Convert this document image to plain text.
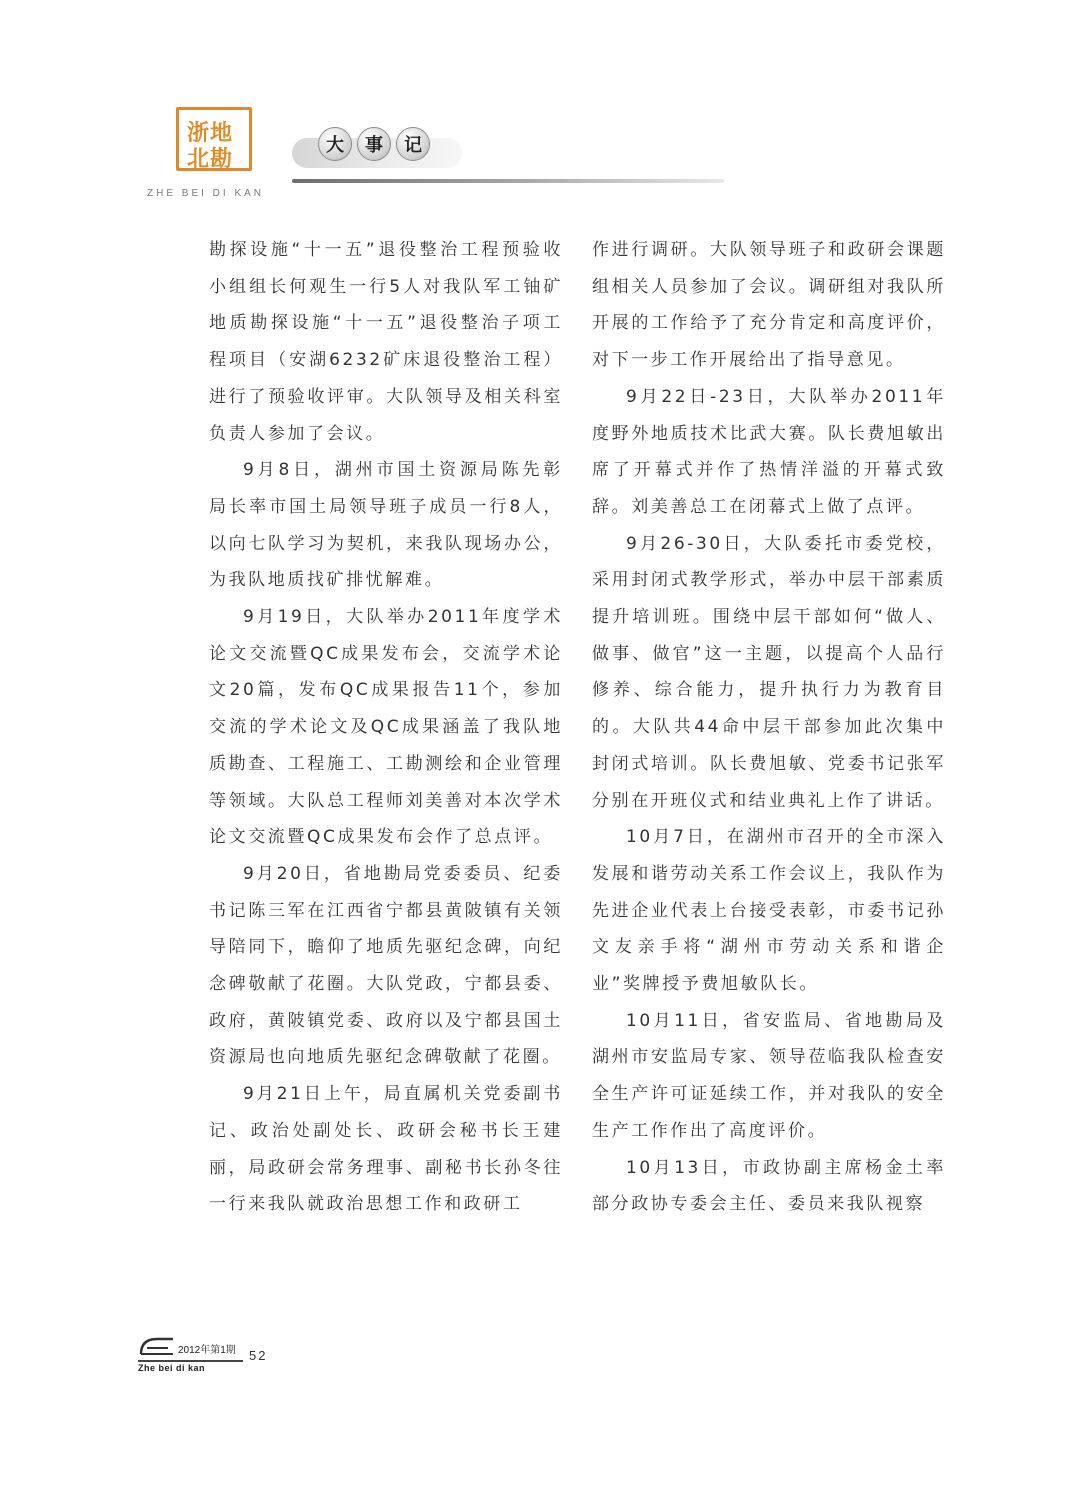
浙地
北勘
ZHE BEI DI KAN
大	事	记

勘探设施“十一五”退役整治工程预验收小组组长何观生一行5人对我队军工铀矿地质勘探设施“十一五”退役整治子项工程项目（安湖6232矿床退役整治工程）进行了预验收评审。大队领导及相关科室负责人参加了会议。

9月8日，湖州市国土资源局陈先彰局长率市国土局领导班子成员一行8人，以向七队学习为契机，来我队现场办公，为我队地质找矿排忧解难。

9月19日，大队举办2011年度学术论文交流暨QC成果发布会，交流学术论文20篇，发布QC成果报告11个，参加交流的学术论文及QC成果涵盖了我队地质勘查、工程施工、工勘测绘和企业管理等领域。大队总工程师刘美善对本次学术论文交流暨QC成果发布会作了总点评。

9月20日，省地勘局党委委员、纪委书记陈三军在江西省宁都县黄陂镇有关领导陪同下，瞻仰了地质先驱纪念碑，向纪念碑敬献了花圈。大队党政，宁都县委、政府，黄陂镇党委、政府以及宁都县国土资源局也向地质先驱纪念碑敬献了花圈。

9月21日上午，局直属机关党委副书记、政治处副处长、政研会秘书长王建丽，局政研会常务理事、副秘书长孙冬往一行来我队就政治思想工作和政研工

作进行调研。大队领导班子和政研会课题组相关人员参加了会议。调研组对我队所开展的工作给予了充分肯定和高度评价，对下一步工作开展给出了指导意见。

9月22日-23日，大队举办2011年度野外地质技术比武大赛。队长费旭敏出席了开幕式并作了热情洋溢的开幕式致辞。刘美善总工在闭幕式上做了点评。

9月26-30日，大队委托市委党校，采用封闭式教学形式，举办中层干部素质提升培训班。围绕中层干部如何“做人、做事、做官”这一主题，以提高个人品行修养、综合能力，提升执行力为教育目的。大队共44命中层干部参加此次集中封闭式培训。队长费旭敏、党委书记张军分别在开班仪式和结业典礼上作了讲话。

10月7日，在湖州市召开的全市深入发展和谐劳动关系工作会议上，我队作为先进企业代表上台接受表彰，市委书记孙文友亲手将“湖州市劳动关系和谐企业”奖牌授予费旭敏队长。

10月11日，省安监局、省地勘局及湖州市安监局专家、领导莅临我队检查安全生产许可证延续工作，并对我队的安全生产工作作出了高度评价。

10月13日，市政协副主席杨金土率部分政协专委会主任、委员来我队视察

2012年第1期 52
Zhe bei di kan
